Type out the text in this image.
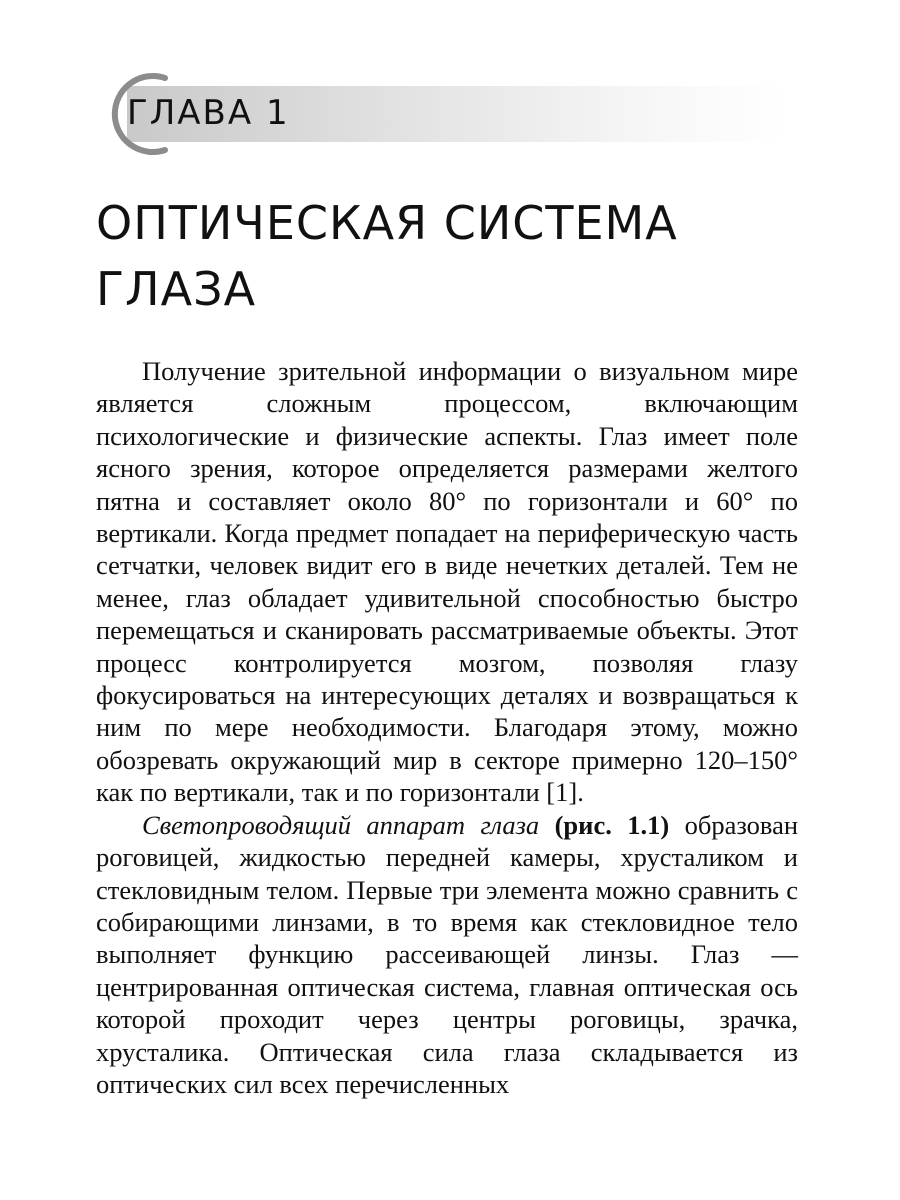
ГЛАВА 1
ОПТИЧЕСКАЯ СИСТЕМА
ГЛАЗА

Получение зрительной информации о визуальном мире является сложным процессом, включающим психологические и физические аспекты. Глаз имеет поле ясного зрения, которое определяется размерами желтого пятна и составляет около 80° по горизонтали и 60° по вертикали. Когда предмет попадает на периферическую часть сетчатки, человек видит его в виде нечетких деталей. Тем не менее, глаз обладает удивительной способностью быстро перемещаться и сканировать рассматриваемые объекты. Этот процесс контролируется мозгом, позволяя глазу фокусироваться на интересующих деталях и возвращаться к ним по мере необходимости. Благодаря этому, можно обозревать окружающий мир в секторе примерно 120–150° как по вертикали, так и по горизонтали [1].

Светопроводящий аппарат глаза (рис. 1.1) образован роговицей, жидкостью передней камеры, хрусталиком и стекловидным телом. Первые три элемента можно сравнить с собирающими линзами, в то время как стекловидное тело выполняет функцию рассеивающей линзы. Глаз — центрированная оптическая система, главная оптическая ось которой проходит через центры роговицы, зрачка, хрусталика. Оптическая сила глаза складывается из оптических сил всех перечисленных
